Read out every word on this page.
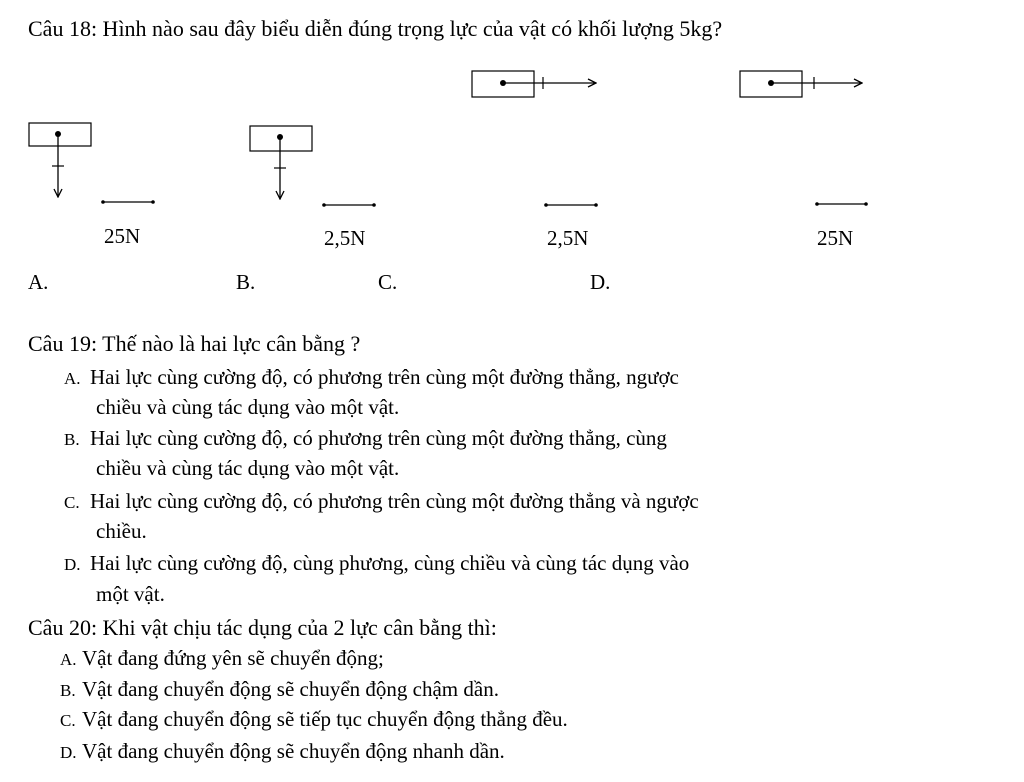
Câu 18: Hình nào sau đây biểu diễn đúng trọng lực của vật có khối lượng 5kg?
25N	2,5N	2,5N	25N
A.	B.	C.	D.
Câu 19: Thế nào là hai lực cân bằng ?
A. Hai lực cùng cường độ, có phương trên cùng một đường thẳng, ngược
chiều và cùng tác dụng vào một vật.
B. Hai lực cùng cường độ, có phương trên cùng một đường thẳng, cùng
chiều và cùng tác dụng vào một vật.
C. Hai lực cùng cường độ, có phương trên cùng một đường thẳng và ngược
chiều.
D. Hai lực cùng cường độ, cùng phương, cùng chiều và cùng tác dụng vào
một vật.
Câu 20: Khi vật chịu tác dụng của 2 lực cân bằng thì:
A. Vật đang đứng yên sẽ chuyển động;
B. Vật đang chuyển động sẽ chuyển động chậm dần.
C. Vật đang chuyển động sẽ tiếp tục chuyển động thẳng đều.
D. Vật đang chuyển động sẽ chuyển động nhanh dần.
